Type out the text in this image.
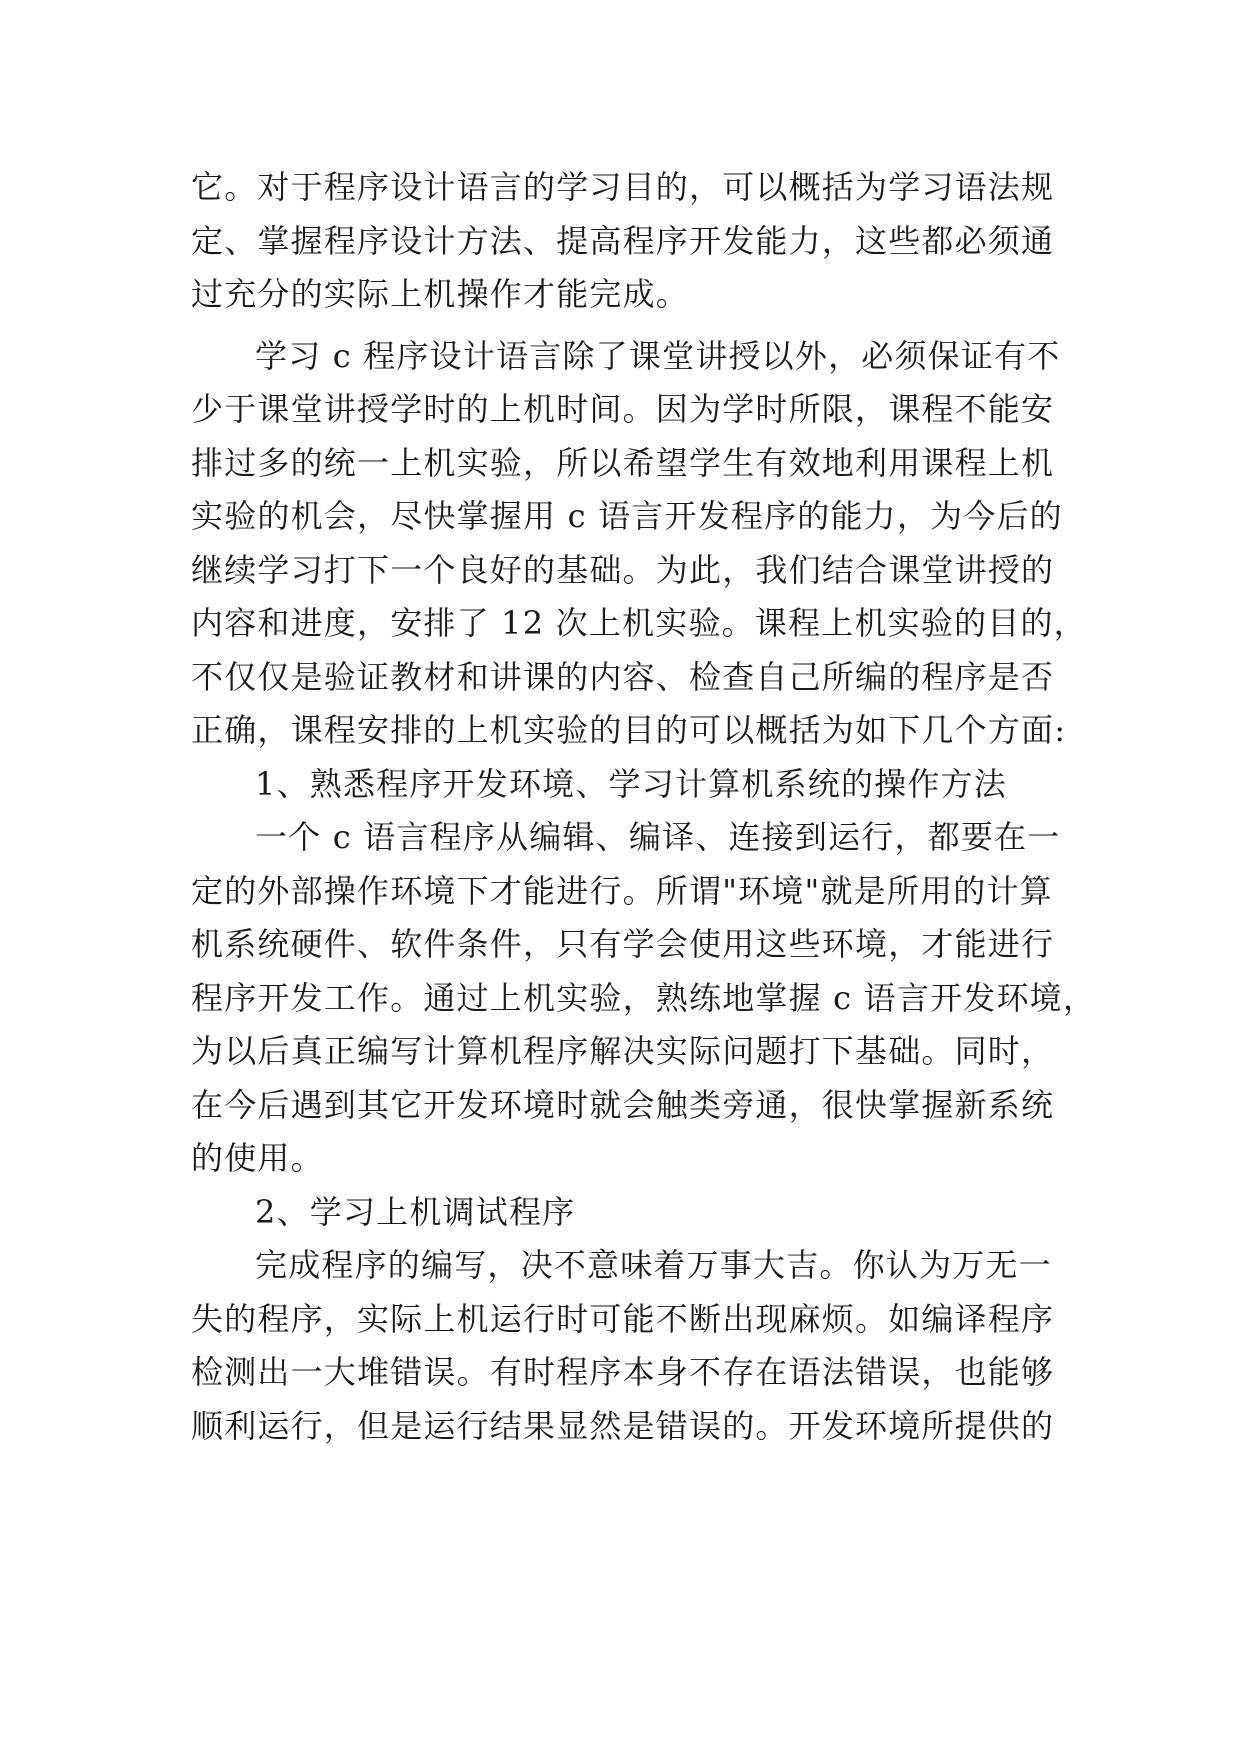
它。对于程序设计语言的学习目的，可以概括为学习语法规
定、掌握程序设计方法、提高程序开发能力，这些都必须通
过充分的实际上机操作才能完成。
学习 c 程序设计语言除了课堂讲授以外，必须保证有不
少于课堂讲授学时的上机时间。因为学时所限，课程不能安
排过多的统一上机实验，所以希望学生有效地利用课程上机
实验的机会，尽快掌握用 c 语言开发程序的能力，为今后的
继续学习打下一个良好的基础。为此，我们结合课堂讲授的
内容和进度，安排了 12 次上机实验。课程上机实验的目的，
不仅仅是验证教材和讲课的内容、检查自己所编的程序是否
正确，课程安排的上机实验的目的可以概括为如下几个方面:
1、熟悉程序开发环境、学习计算机系统的操作方法
一个 c 语言程序从编辑、编译、连接到运行，都要在一
定的外部操作环境下才能进行。所谓"环境"就是所用的计算
机系统硬件、软件条件，只有学会使用这些环境，才能进行
程序开发工作。通过上机实验，熟练地掌握 c 语言开发环境，
为以后真正编写计算机程序解决实际问题打下基础。同时，
在今后遇到其它开发环境时就会触类旁通，很快掌握新系统
的使用。
2、学习上机调试程序
完成程序的编写，决不意味着万事大吉。你认为万无一
失的程序，实际上机运行时可能不断出现麻烦。如编译程序
检测出一大堆错误。有时程序本身不存在语法错误，也能够
顺利运行，但是运行结果显然是错误的。开发环境所提供的
